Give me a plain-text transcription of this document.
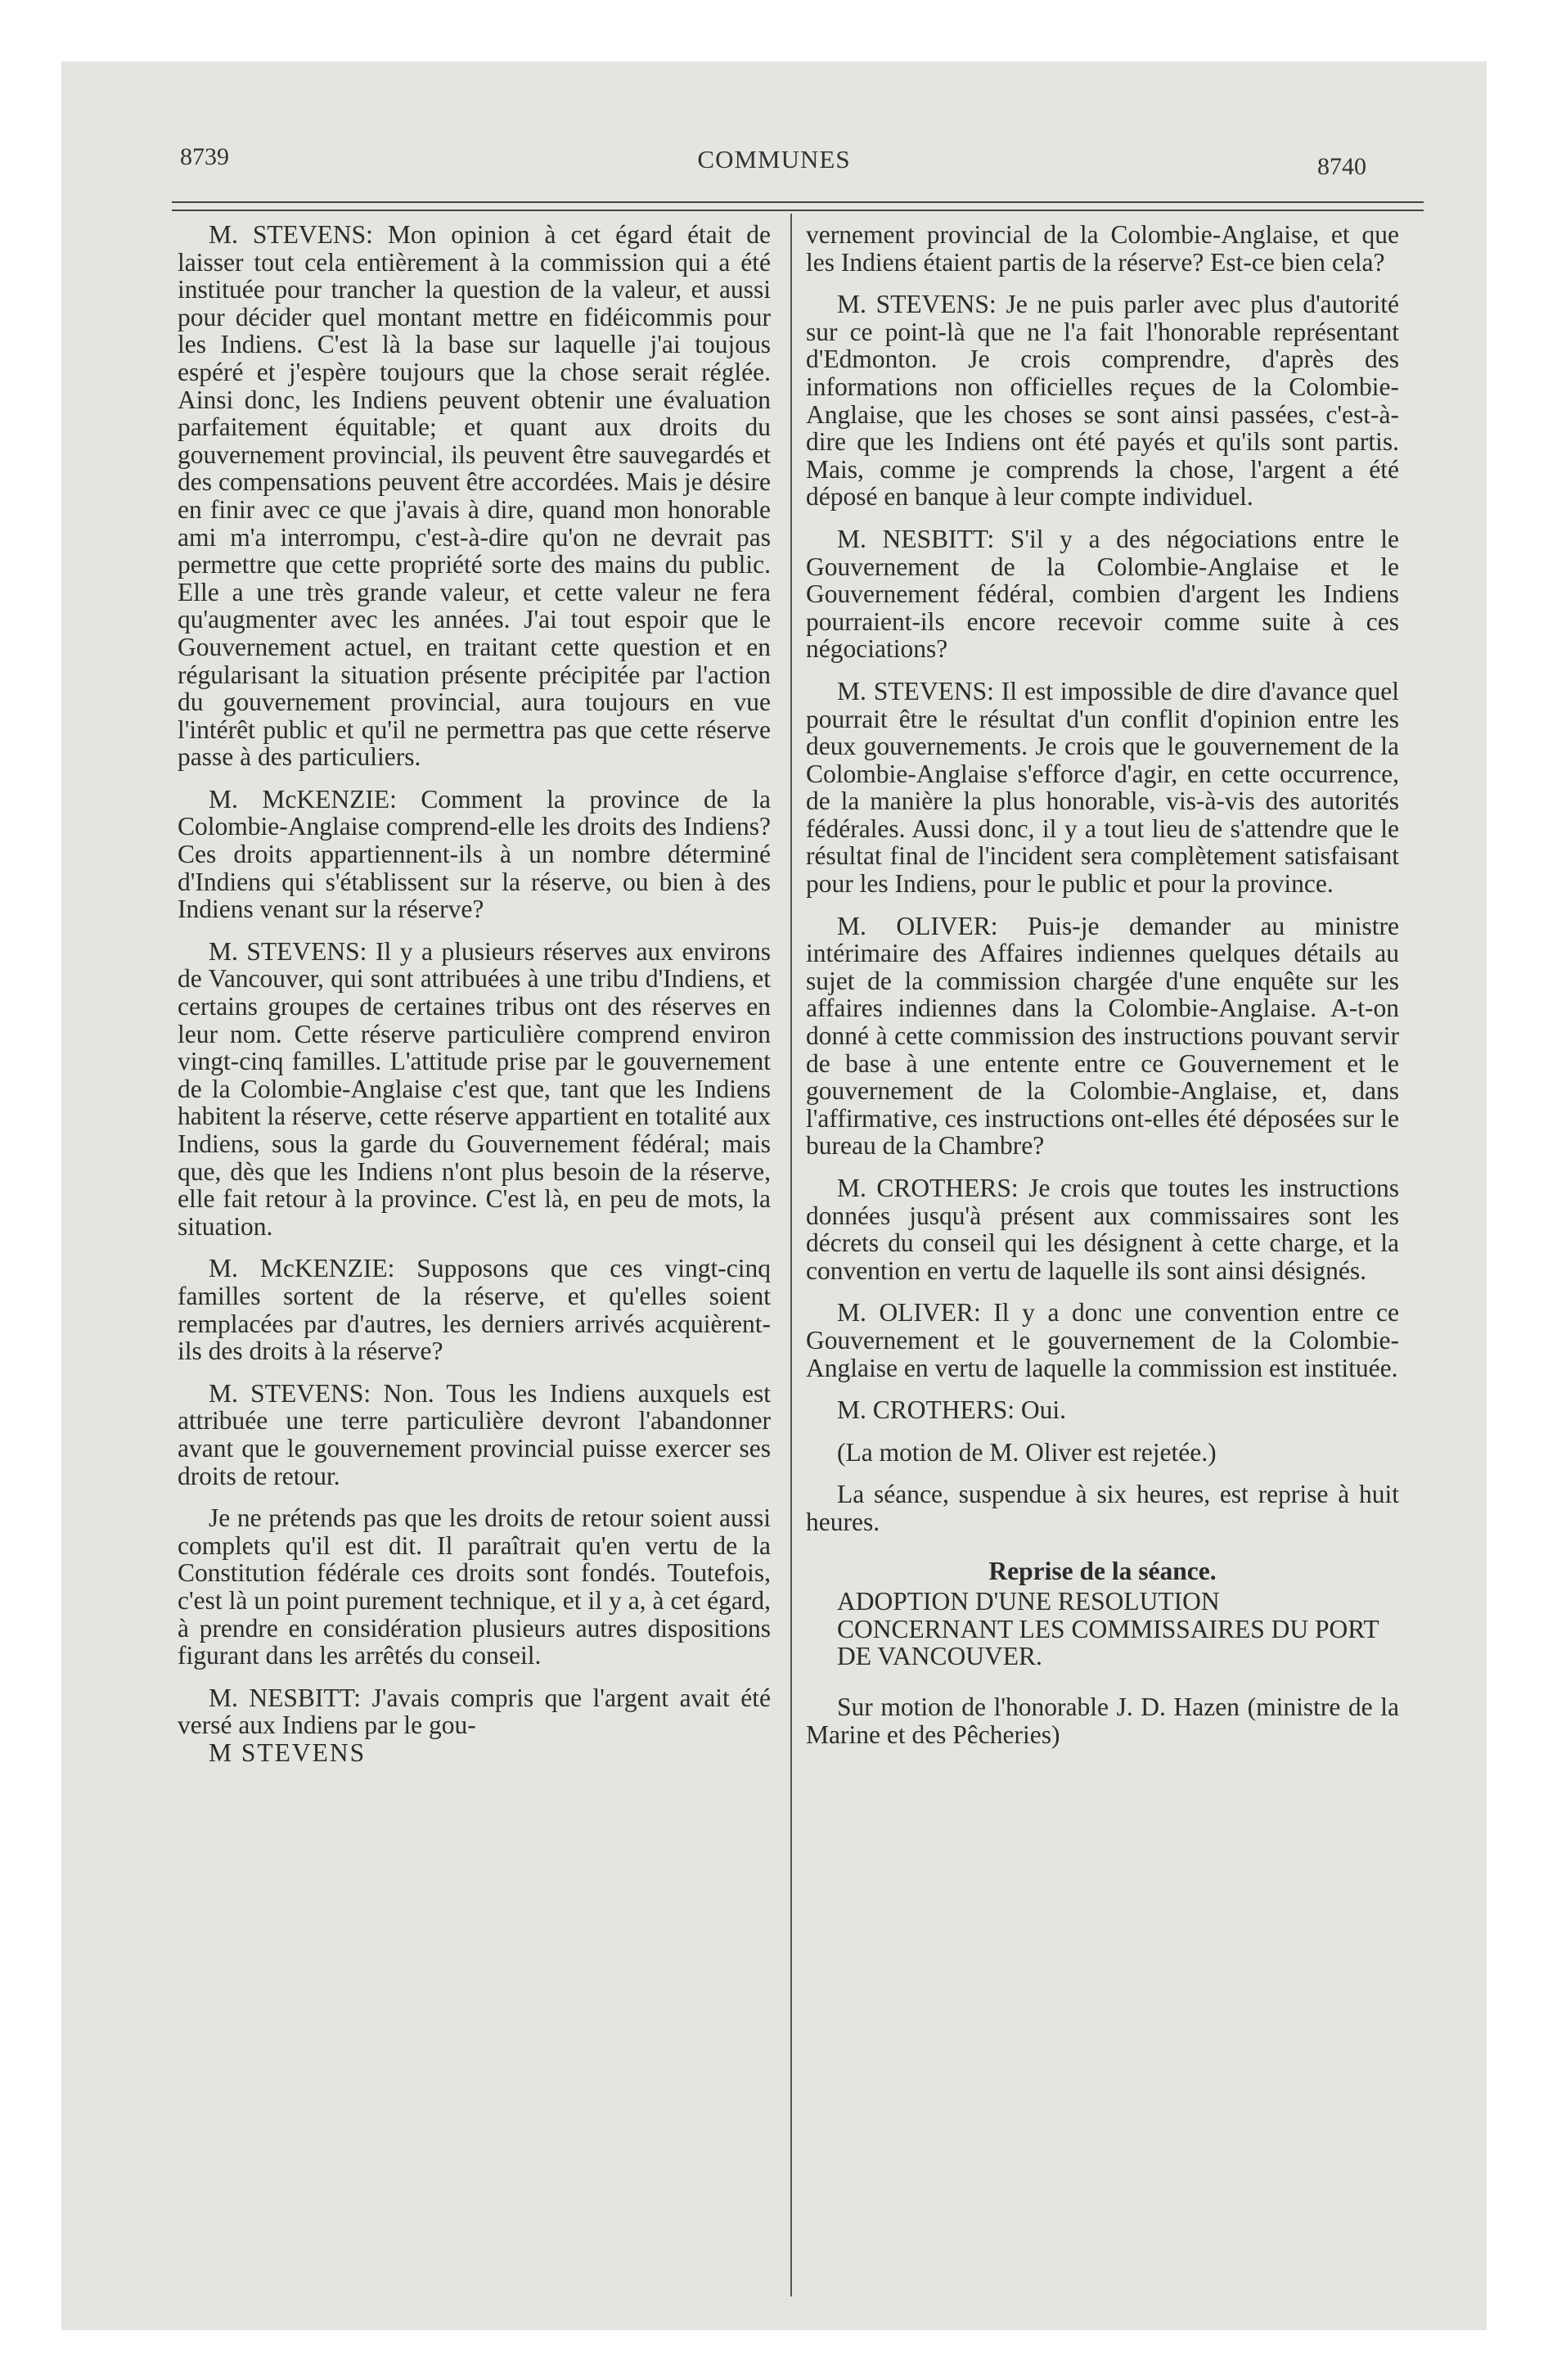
8739	COMMUNES	8740

M. STEVENS: Mon opinion à cet égard était de laisser tout cela entièrement à la commission qui a été instituée pour trancher la question de la valeur, et aussi pour décider quel montant mettre en fidéicommis pour les Indiens. C'est là la base sur laquelle j'ai toujous espéré et j'espère toujours que la chose serait réglée. Ainsi donc, les Indiens peuvent obtenir une évaluation parfaitement équitable; et quant aux droits du gouvernement provincial, ils peuvent être sauvegardés et des compensations peuvent être accordées. Mais je désire en finir avec ce que j'avais à dire, quand mon honorable ami m'a interrompu, c'est-à-dire qu'on ne devrait pas permettre que cette propriété sorte des mains du public. Elle a une très grande valeur, et cette valeur ne fera qu'augmenter avec les années. J'ai tout espoir que le Gouvernement actuel, en traitant cette question et en régularisant la situation présente précipitée par l'action du gouvernement provincial, aura toujours en vue l'intérêt public et qu'il ne permettra pas que cette réserve passe à des particuliers.

M. McKENZIE: Comment la province de la Colombie-Anglaise comprend-elle les droits des Indiens? Ces droits appartiennent-ils à un nombre déterminé d'Indiens qui s'établissent sur la réserve, ou bien à des Indiens venant sur la réserve?

M. STEVENS: Il y a plusieurs réserves aux environs de Vancouver, qui sont attribuées à une tribu d'Indiens, et certains groupes de certaines tribus ont des réserves en leur nom. Cette réserve particulière comprend environ vingt-cinq familles. L'attitude prise par le gouvernement de la Colombie-Anglaise c'est que, tant que les Indiens habitent la réserve, cette réserve appartient en totalité aux Indiens, sous la garde du Gouvernement fédéral; mais que, dès que les Indiens n'ont plus besoin de la réserve, elle fait retour à la province. C'est là, en peu de mots, la situation.

M. McKENZIE: Supposons que ces vingt-cinq familles sortent de la réserve, et qu'elles soient remplacées par d'autres, les derniers arrivés acquièrent-ils des droits à la réserve?

M. STEVENS: Non. Tous les Indiens auxquels est attribuée une terre particulière devront l'abandonner avant que le gouvernement provincial puisse exercer ses droits de retour.

Je ne prétends pas que les droits de retour soient aussi complets qu'il est dit. Il paraîtrait qu'en vertu de la Constitution fédérale ces droits sont fondés. Toutefois, c'est là un point purement technique, et il y a, à cet égard, à prendre en considération plusieurs autres dispositions figurant dans les arrêtés du conseil.

M. NESBITT: J'avais compris que l'argent avait été versé aux Indiens par le gou-

M STEVENS

vernement provincial de la Colombie-Anglaise, et que les Indiens étaient partis de la réserve? Est-ce bien cela?

M. STEVENS: Je ne puis parler avec plus d'autorité sur ce point-là que ne l'a fait l'honorable représentant d'Edmonton. Je crois comprendre, d'après des informations non officielles reçues de la Colombie-Anglaise, que les choses se sont ainsi passées, c'est-à-dire que les Indiens ont été payés et qu'ils sont partis. Mais, comme je comprends la chose, l'argent a été déposé en banque à leur compte individuel.

M. NESBITT: S'il y a des négociations entre le Gouvernement de la Colombie-Anglaise et le Gouvernement fédéral, combien d'argent les Indiens pourraient-ils encore recevoir comme suite à ces négociations?

M. STEVENS: Il est impossible de dire d'avance quel pourrait être le résultat d'un conflit d'opinion entre les deux gouvernements. Je crois que le gouvernement de la Colombie-Anglaise s'efforce d'agir, en cette occurrence, de la manière la plus honorable, vis-à-vis des autorités fédérales. Aussi donc, il y a tout lieu de s'attendre que le résultat final de l'incident sera complètement satisfaisant pour les Indiens, pour le public et pour la province.

M. OLIVER: Puis-je demander au ministre intérimaire des Affaires indiennes quelques détails au sujet de la commission chargée d'une enquête sur les affaires indiennes dans la Colombie-Anglaise. A-t-on donné à cette commission des instructions pouvant servir de base à une entente entre ce Gouvernement et le gouvernement de la Colombie-Anglaise, et, dans l'affirmative, ces instructions ont-elles été déposées sur le bureau de la Chambre?

M. CROTHERS: Je crois que toutes les instructions données jusqu'à présent aux commissaires sont les décrets du conseil qui les désignent à cette charge, et la convention en vertu de laquelle ils sont ainsi désignés.

M. OLIVER: Il y a donc une convention entre ce Gouvernement et le gouvernement de la Colombie-Anglaise en vertu de laquelle la commission est instituée.

M. CROTHERS: Oui.

(La motion de M. Oliver est rejetée.)

La séance, suspendue à six heures, est reprise à huit heures.

Reprise de la séance.

ADOPTION D'UNE RESOLUTION CONCERNANT LES COMMISSAIRES DU PORT DE VANCOUVER.

Sur motion de l'honorable J. D. Hazen (ministre de la Marine et des Pêcheries)
